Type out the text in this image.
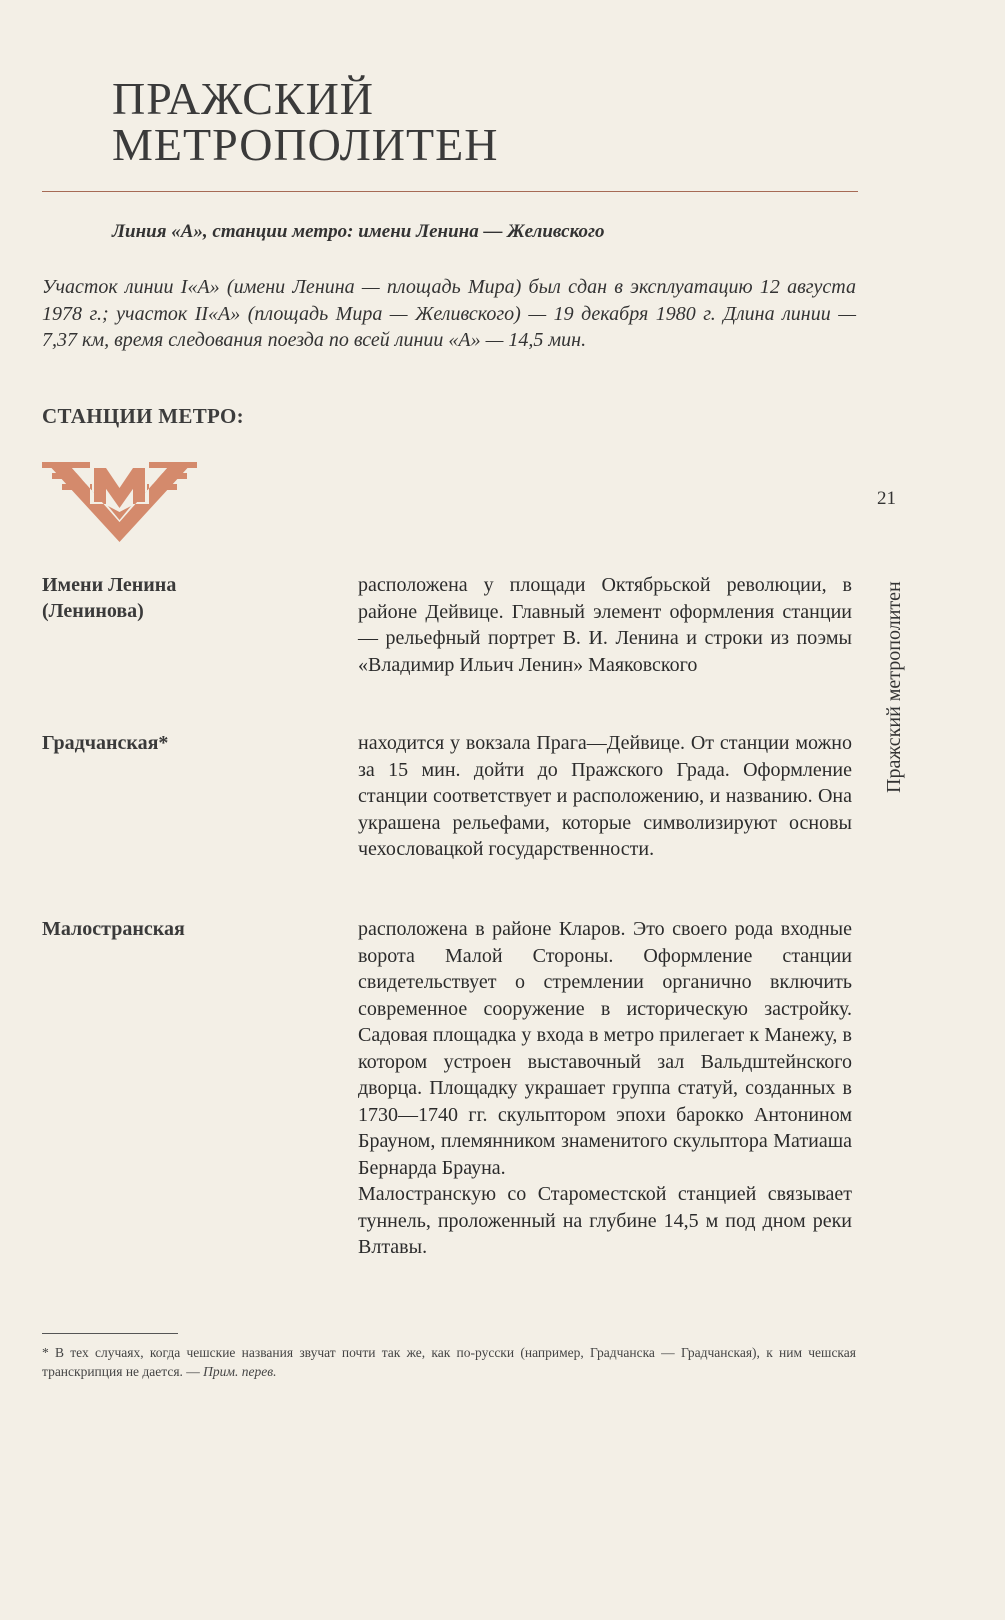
ПРАЖСКИЙ
МЕТРОПОЛИТЕН
Линия «А», станции метро: имени Ленина — Желивского
Участок линии I«А» (имени Ленина — площадь Мира) был сдан в эксплуатацию 12 августа 1978 г.; участок II«А» (площадь Мира — Желивского) — 19 декабря 1980 г. Длина линии — 7,37 км, время следования поезда по всей линии «А» — 14,5 мин.
СТАНЦИИ МЕТРО:
21
Пражский метрополитен
Имени Ленина
(Ленинова)

расположена у площади Октябрьской революции, в районе Дейвице. Главный элемент оформления станции — рельефный портрет В. И. Ленина и строки из поэмы «Владимир Ильич Ленин» Маяковского

Градчанская*	находится у вокзала Прага—Дейвице. От станции можно за 15 мин. дойти до Пражского Града. Оформление станции соответствует и расположению, и названию. Она украшена рельефами, которые символизируют основы чехословацкой государственности.

Малостранская	расположена в районе Кларов. Это своего рода входные ворота Малой Стороны. Оформление станции свидетельствует о стремлении органично включить современное сооружение в историческую застройку. Садовая площадка у входа в метро прилегает к Манежу, в котором устроен выставочный зал Вальдштейнского дворца. Площадку украшает группа статуй, созданных в 1730—1740 гг. скульптором эпохи барокко Антонином Брауном, племянником знаменитого скульптора Матиаша Бернарда Брауна.

Малостранскую со Староместской станцией связывает туннель, проложенный на глубине 14,5 м под дном реки Влтавы.

* В тех случаях, когда чешские названия звучат почти так же, как по-русски (например, Градчанска — Градчанская), к ним чешская транскрипция не дается. — Прим. перев.
